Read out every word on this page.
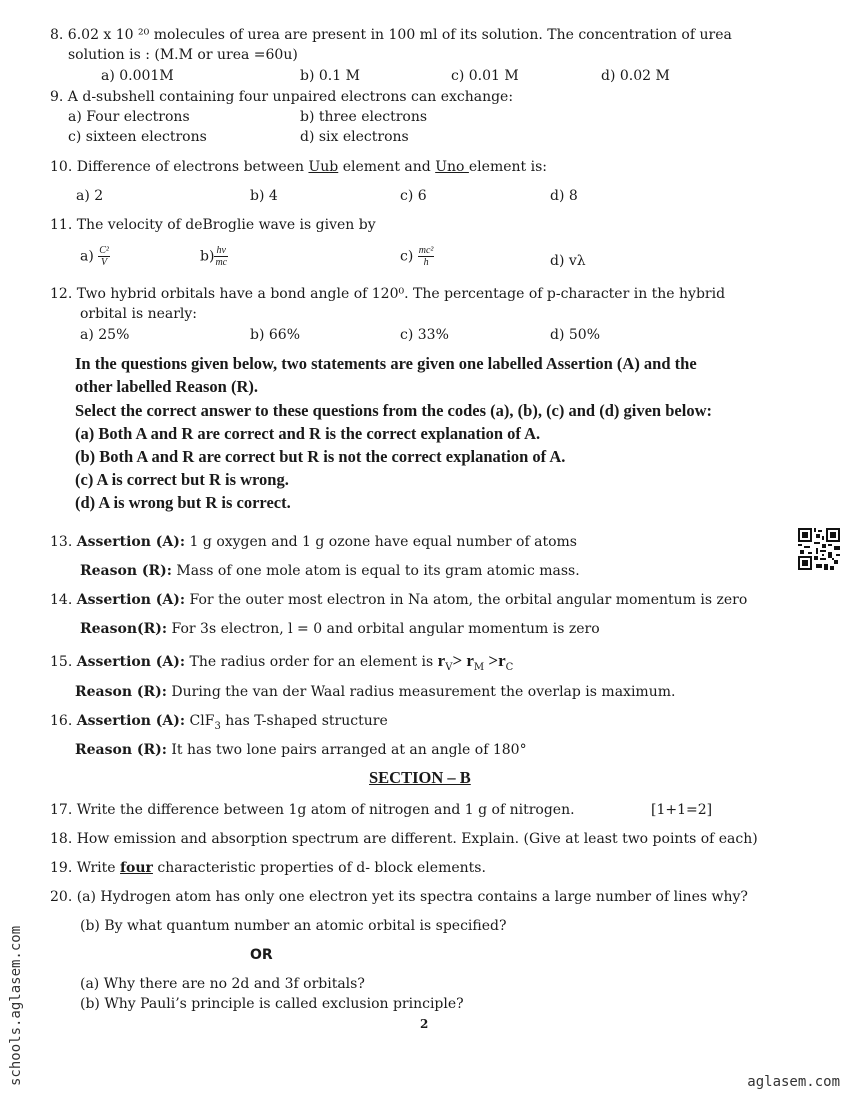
8. 6.02 x 10 ²⁰ molecules of urea are present in 100 ml of its solution. The concentration of urea
solution is : (M.M or urea =60u)
a) 0.001M	b) 0.1 M	c) 0.01 M	d) 0.02 M
9. A d-subshell containing four unpaired electrons can exchange:
a) Four electrons	b) three electrons
c) sixteen electrons	d) six electrons
10. Difference of electrons between Uub element and Uno element is:
a) 2	b) 4	c) 6	d) 8
11. The velocity of deBroglie wave is given by
$a) \frac{\text{C²}}{V}$	$b) \frac{hv}{mc}$	$c) \frac{\text{mc²}}{h}$	d) vλ
12. Two hybrid orbitals have a bond angle of 120⁰. The percentage of p-character in the hybrid
orbital is nearly:
a) 25%	b) 66%	c) 33%	d) 50%
In the questions given below, two statements are given one labelled Assertion (A) and the
other labelled Reason (R).
Select the correct answer to these questions from the codes (a), (b), (c) and (d) given below:
(a) Both A and R are correct and R is the correct explanation of A.
(b) Both A and R are correct but R is not the correct explanation of A.
(c) A is correct but R is wrong.
(d) A is wrong but R is correct.
13. Assertion (A): 1 g oxygen and 1 g ozone have equal number of atoms
Reason (R): Mass of one mole atom is equal to its gram atomic mass.
14. Assertion (A): For the outer most electron in Na atom, the orbital angular momentum is zero
Reason(R): For 3s electron, l = 0 and orbital angular momentum is zero
15. Assertion (A): The radius order for an element is $r_V> r_M >r_C$
Reason (R): During the van der Waal radius measurement the overlap is maximum.
16. Assertion (A): ClF$_3$ has T-shaped structure
Reason (R): It has two lone pairs arranged at an angle of 180°
SECTION – B
17. Write the difference between 1g atom of nitrogen and 1 g of nitrogen.	[1+1=2]
18. How emission and absorption spectrum are different. Explain. (Give at least two points of each)
19. Write four characteristic properties of d- block elements.
20. (a) Hydrogen atom has only one electron yet its spectra contains a large number of lines why?
(b) By what quantum number an atomic orbital is specified?
OR
(a) Why there are no 2d and 3f orbitals?
(b) Why Pauli’s principle is called exclusion principle?
2
schools.aglasem.com	aglasem.com
